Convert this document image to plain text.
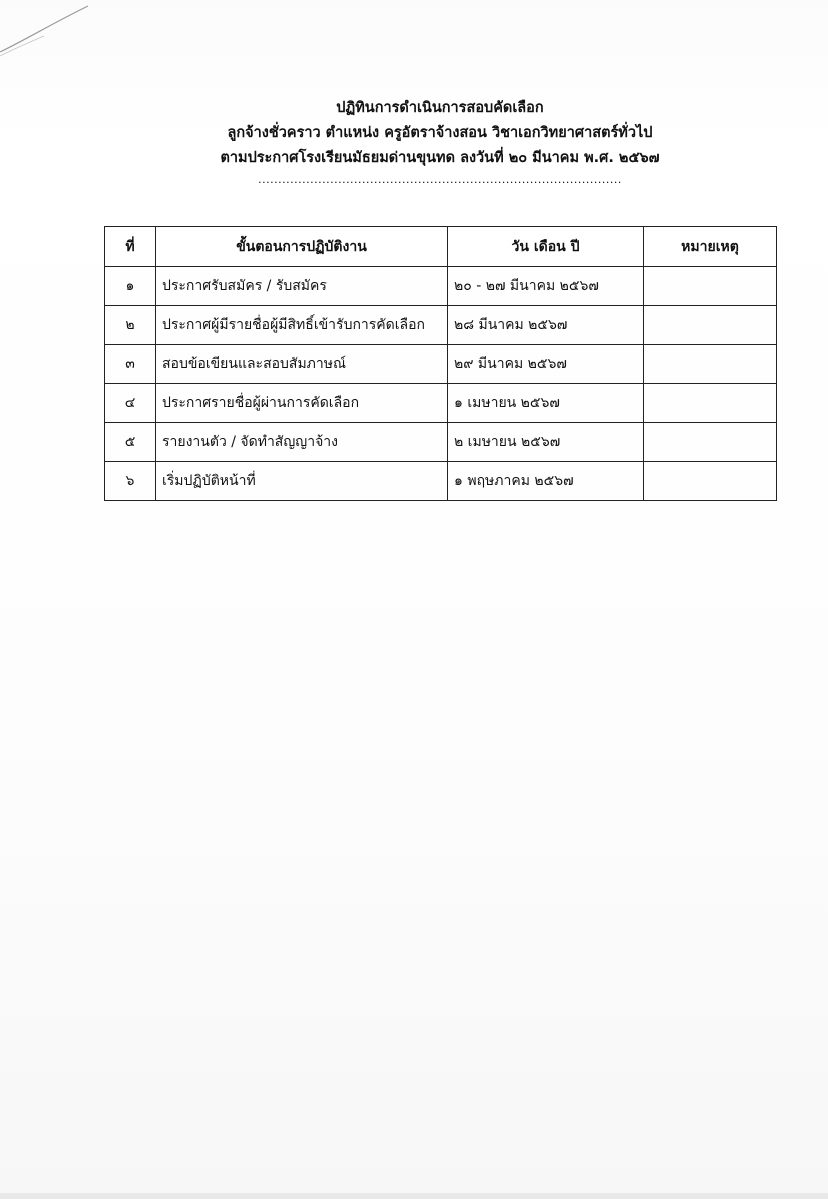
ปฏิทินการดำเนินการสอบคัดเลือก
ลูกจ้างชั่วคราว ตำแหน่ง ครูอัตราจ้างสอน วิชาเอกวิทยาศาสตร์ทั่วไป
ตามประกาศโรงเรียนมัธยมด่านขุนทด ลงวันที่ ๒๐ มีนาคม พ.ศ. ๒๕๖๗
...........................................................................................
ที่	ขั้นตอนการปฏิบัติงาน	วัน เดือน ปี	หมายเหตุ
๑	ประกาศรับสมัคร / รับสมัคร	๒๐ - ๒๗ มีนาคม ๒๕๖๗	
๒	ประกาศผู้มีรายชื่อผู้มีสิทธิ์เข้ารับการคัดเลือก	๒๘ มีนาคม ๒๕๖๗	
๓	สอบข้อเขียนและสอบสัมภาษณ์	๒๙ มีนาคม ๒๕๖๗	
๔	ประกาศรายชื่อผู้ผ่านการคัดเลือก	๑ เมษายน ๒๕๖๗	
๕	รายงานตัว / จัดทำสัญญาจ้าง	๒ เมษายน ๒๕๖๗	
๖	เริ่มปฏิบัติหน้าที่	๑ พฤษภาคม ๒๕๖๗	
